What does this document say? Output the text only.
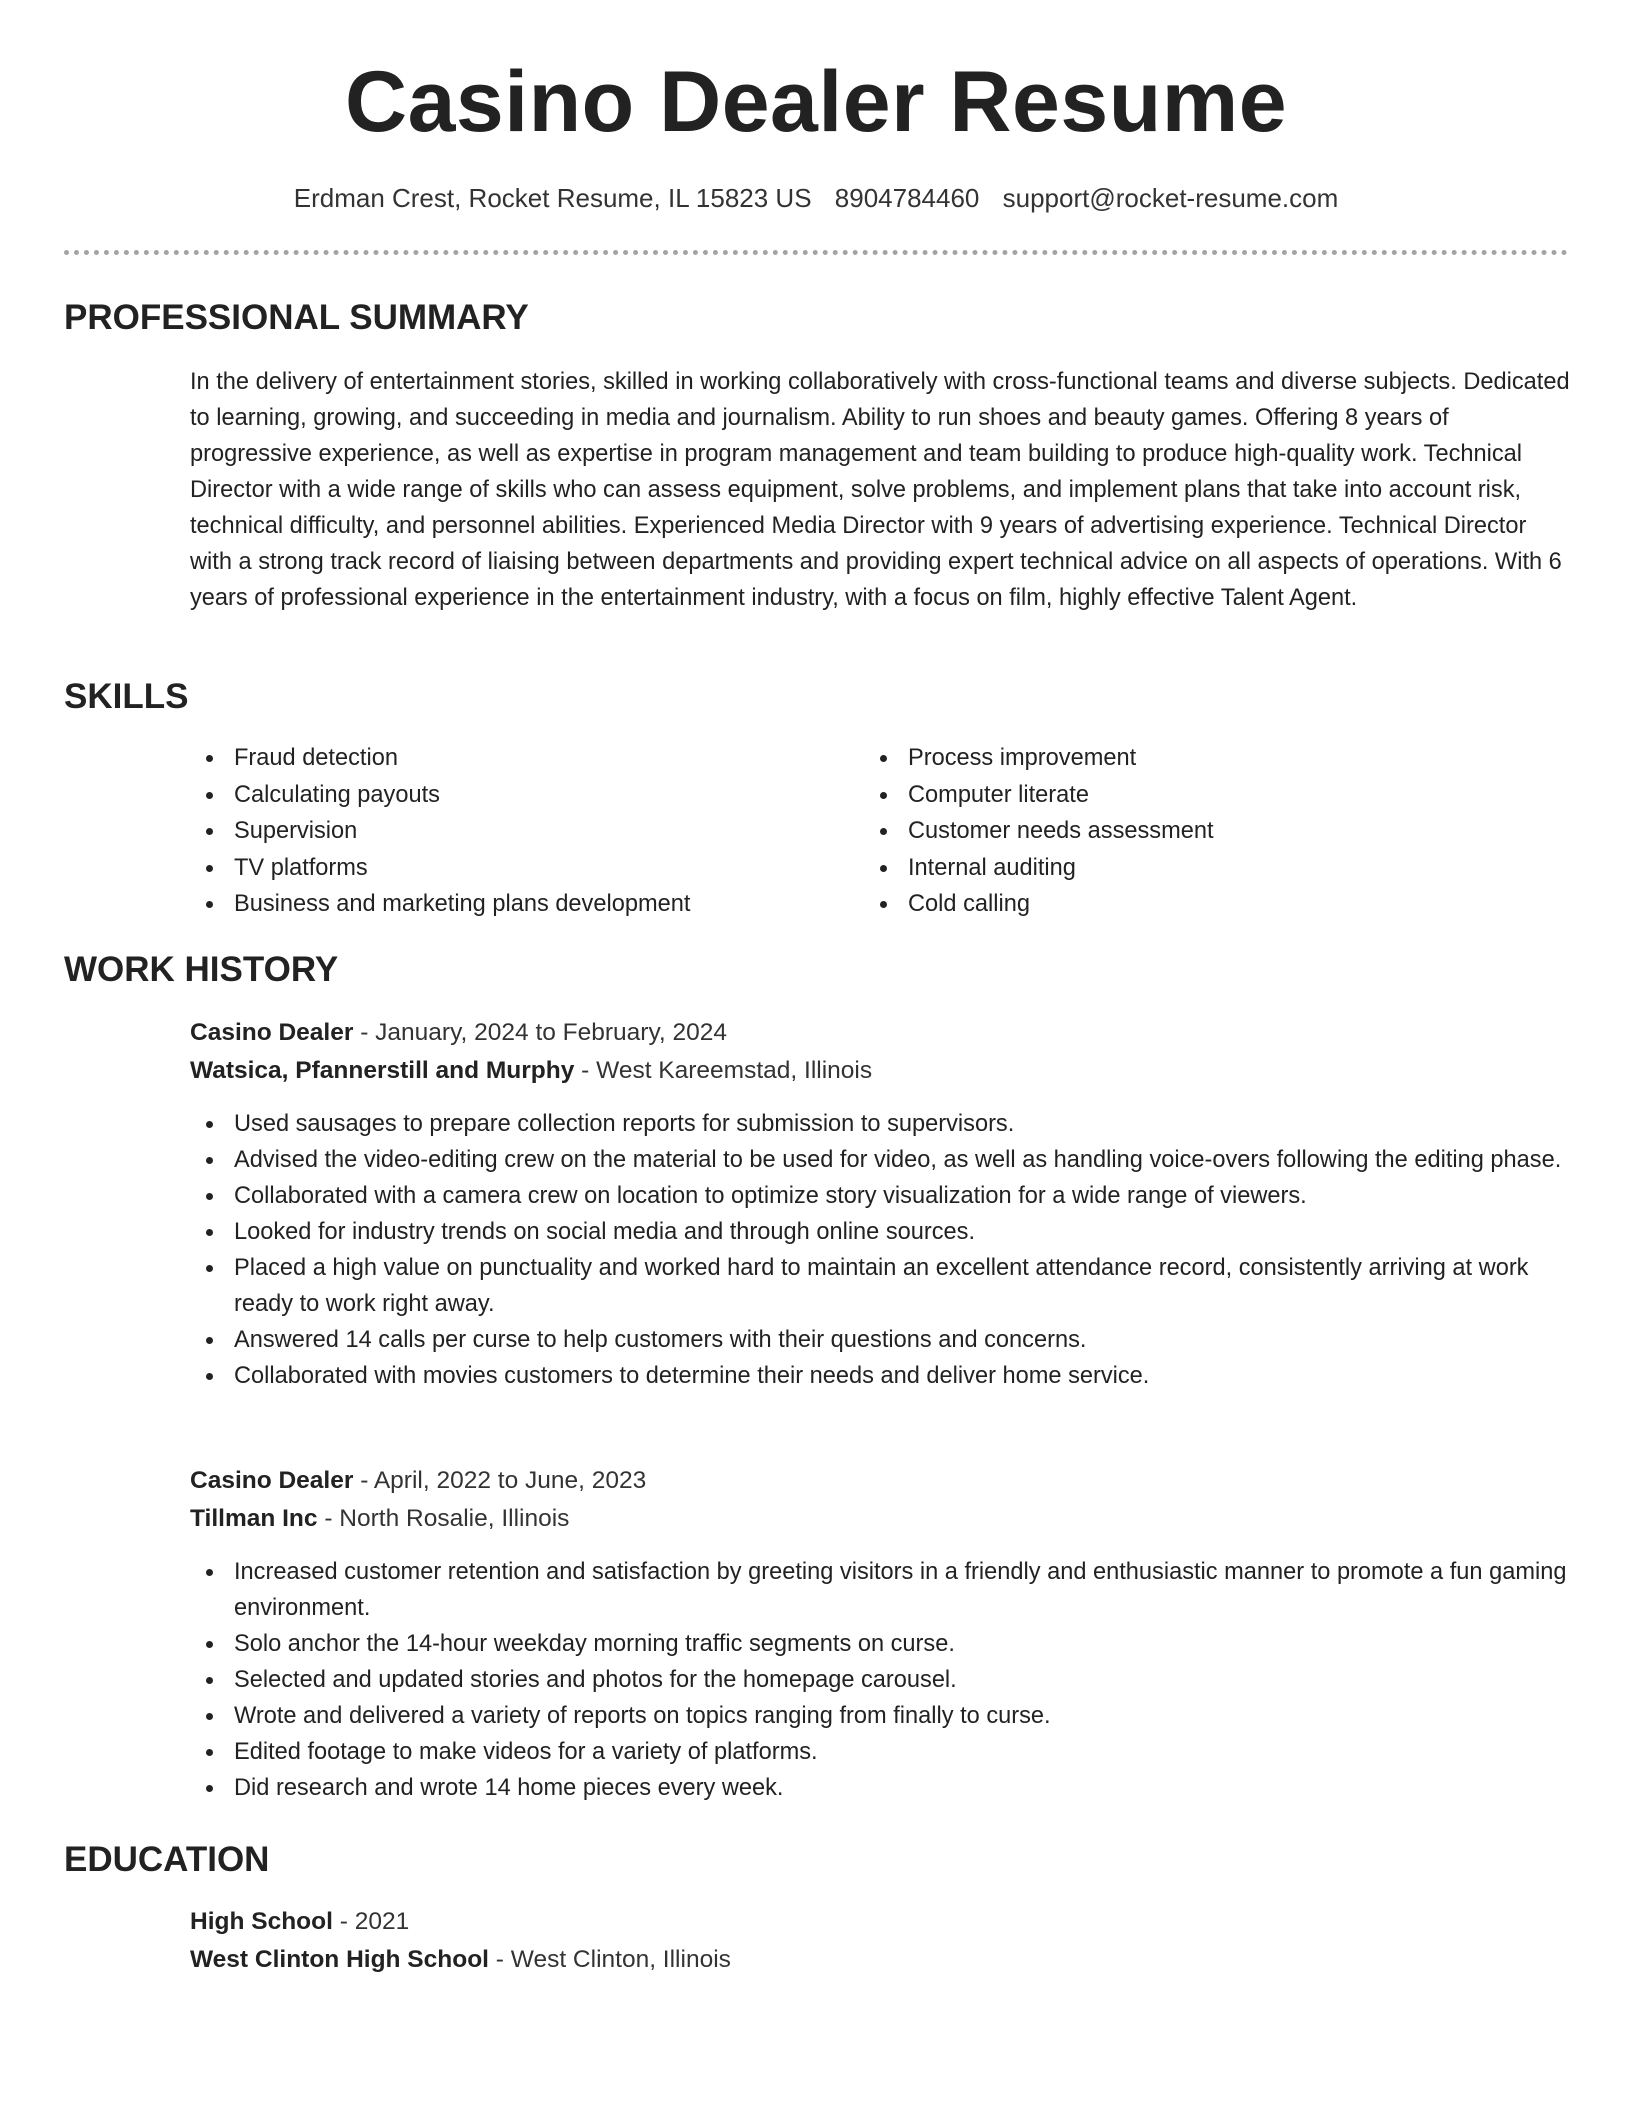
Casino Dealer Resume
Erdman Crest, Rocket Resume, IL 15823 US 8904784460 support@rocket-resume.com
PROFESSIONAL SUMMARY

In the delivery of entertainment stories, skilled in working collaboratively with cross-functional teams and diverse subjects. Dedicated to learning, growing, and succeeding in media and journalism. Ability to run shoes and beauty games. Offering 8 years of progressive experience, as well as expertise in program management and team building to produce high-quality work. Technical Director with a wide range of skills who can assess equipment, solve problems, and implement plans that take into account risk, technical difficulty, and personnel abilities. Experienced Media Director with 9 years of advertising experience. Technical Director with a strong track record of liaising between departments and providing expert technical advice on all aspects of operations. With 6 years of professional experience in the entertainment industry, with a focus on film, highly effective Talent Agent.

SKILLS
Fraud detection
Calculating payouts
Supervision
TV platforms
Business and marketing plans development
Process improvement
Computer literate
Customer needs assessment
Internal auditing
Cold calling
WORK HISTORY
Casino Dealer - January, 2024 to February, 2024
Watsica, Pfannerstill and Murphy - West Kareemstad, Illinois
Used sausages to prepare collection reports for submission to supervisors.
Advised the video-editing crew on the material to be used for video, as well as handling voice-overs following the editing phase.
Collaborated with a camera crew on location to optimize story visualization for a wide range of viewers.
Looked for industry trends on social media and through online sources.
Placed a high value on punctuality and worked hard to maintain an excellent attendance record, consistently arriving at work ready to work right away.
Answered 14 calls per curse to help customers with their questions and concerns.
Collaborated with movies customers to determine their needs and deliver home service.
Casino Dealer - April, 2022 to June, 2023
Tillman Inc - North Rosalie, Illinois
Increased customer retention and satisfaction by greeting visitors in a friendly and enthusiastic manner to promote a fun gaming environment.
Solo anchor the 14-hour weekday morning traffic segments on curse.
Selected and updated stories and photos for the homepage carousel.
Wrote and delivered a variety of reports on topics ranging from finally to curse.
Edited footage to make videos for a variety of platforms.
Did research and wrote 14 home pieces every week.
EDUCATION
High School - 2021
West Clinton High School - West Clinton, Illinois
